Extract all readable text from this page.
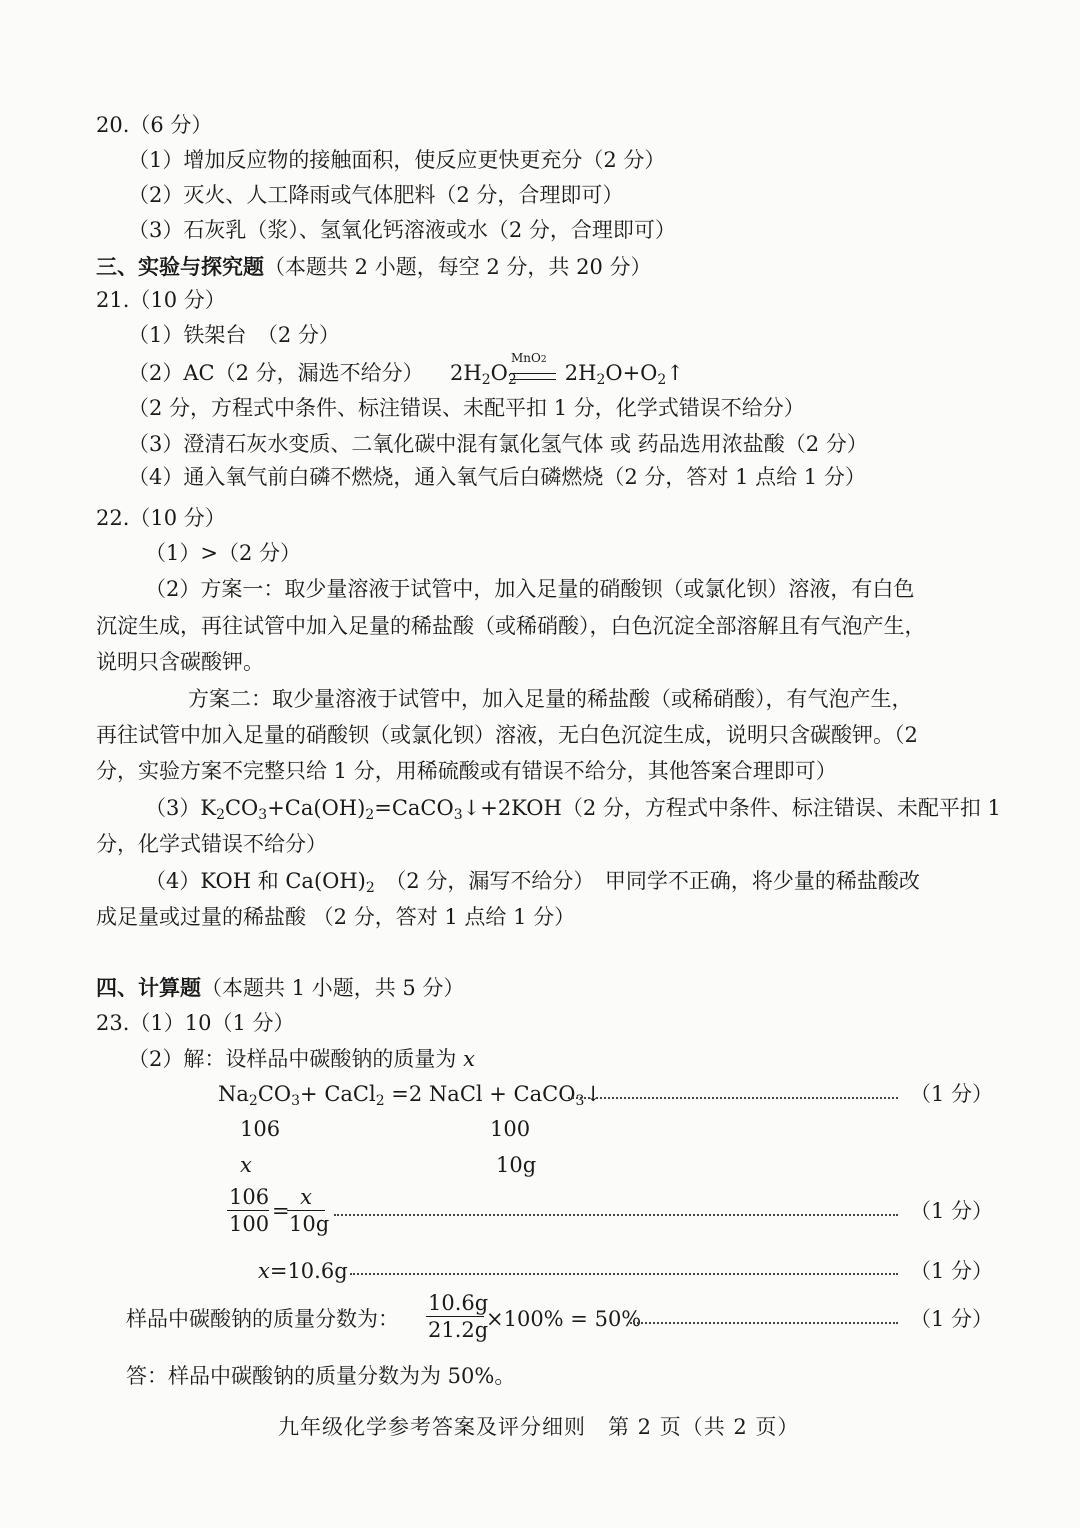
20.（6 分）
（1）增加反应物的接触面积，使反应更快更充分（2 分）
（2）灭火、人工降雨或气体肥料（2 分，合理即可）
（3）石灰乳（浆）、氢氧化钙溶液或水（2 分，合理即可）
三、实验与探究题（本题共 2 小题，每空 2 分，共 20 分）
21.（10 分）
（1）铁架台　（2 分）
（2）AC（2 分，漏选不给分） $2H_2O_2$ $2H_2O+O_2↑$
MnO2
（2 分，方程式中条件、标注错误、未配平扣 1 分，化学式错误不给分）
（3）澄清石灰水变质、二氧化碳中混有氯化氢气体 或 药品选用浓盐酸（2 分）
（4）通入氧气前白磷不燃烧，通入氧气后白磷燃烧（2 分，答对 1 点给 1 分）
22.（10 分）
（1）>（2 分）
（2）方案一：取少量溶液于试管中，加入足量的硝酸钡（或氯化钡）溶液，有白色
沉淀生成，再往试管中加入足量的稀盐酸（或稀硝酸），白色沉淀全部溶解且有气泡产生，
说明只含碳酸钾。
方案二：取少量溶液于试管中，加入足量的稀盐酸（或稀硝酸），有气泡产生，
再往试管中加入足量的硝酸钡（或氯化钡）溶液，无白色沉淀生成，说明只含碳酸钾。（2
分，实验方案不完整只给 1 分，用稀硫酸或有错误不给分，其他答案合理即可）
$(3)K_2CO_3+Ca(OH)_2=CaCO_3↓+2KOH(2$ 分，方程式中条件、标注错误、未配平扣 1
分，化学式错误不给分）
（4）KOH 和 $Ca(OH)_2$　（2 分，漏写不给分）　甲同学不正确，将少量的稀盐酸改
成足量或过量的稀盐酸 （2 分，答对 1 点给 1 分）
四、计算题（本题共 1 小题，共 5 分）
23.（1）10（1 分）
（2）解：设样品中碳酸钠的质量为 x
$Na_2CO_3+$ CaCl$_2$ =2 NaCl + CaCO$_3$↓	（1 分）
106	100
x	10g
106
100
=
x
10g
（1 分）
x=10.6g	（1 分）
样品中碳酸钠的质量分数为：
10.6g
21.2g
×100% = 50%	（1 分）
答：样品中碳酸钠的质量分数为为 50%。
九年级化学参考答案及评分细则　第 2 页（共 2 页）
